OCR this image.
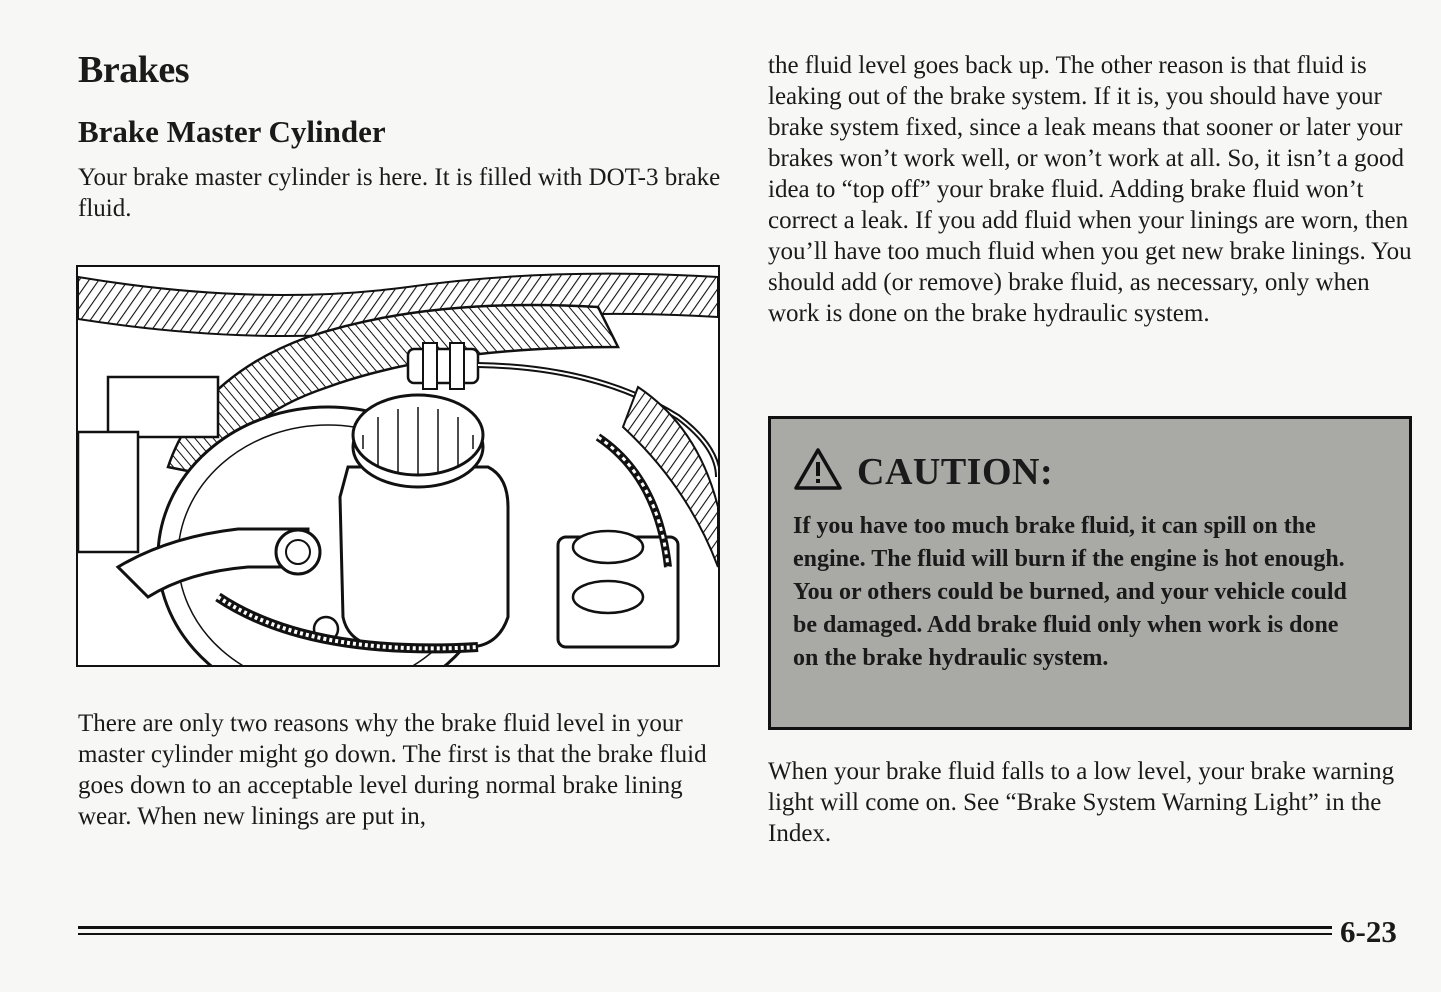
Brakes
Brake Master Cylinder

Your brake master cylinder is here. It is filled with DOT-3 brake fluid.

There are only two reasons why the brake fluid level in your master cylinder might go down. The first is that the brake fluid goes down to an acceptable level during normal brake lining wear. When new linings are put in,

the fluid level goes back up. The other reason is that fluid is leaking out of the brake system. If it is, you should have your brake system fixed, since a leak means that sooner or later your brakes won’t work well, or won’t work at all. So, it isn’t a good idea to “top off” your brake fluid. Adding brake fluid won’t correct a leak. If you add fluid when your linings are worn, then you’ll have too much fluid when you get new brake linings. You should add (or remove) brake fluid, as necessary, only when work is done on the brake hydraulic system.

CAUTION:

If you have too much brake fluid, it can spill on the engine. The fluid will burn if the engine is hot enough. You or others could be burned, and your vehicle could be damaged. Add brake fluid only when work is done on the brake hydraulic system.

When your brake fluid falls to a low level, your brake warning light will come on. See “Brake System Warning Light” in the Index.

6-23
